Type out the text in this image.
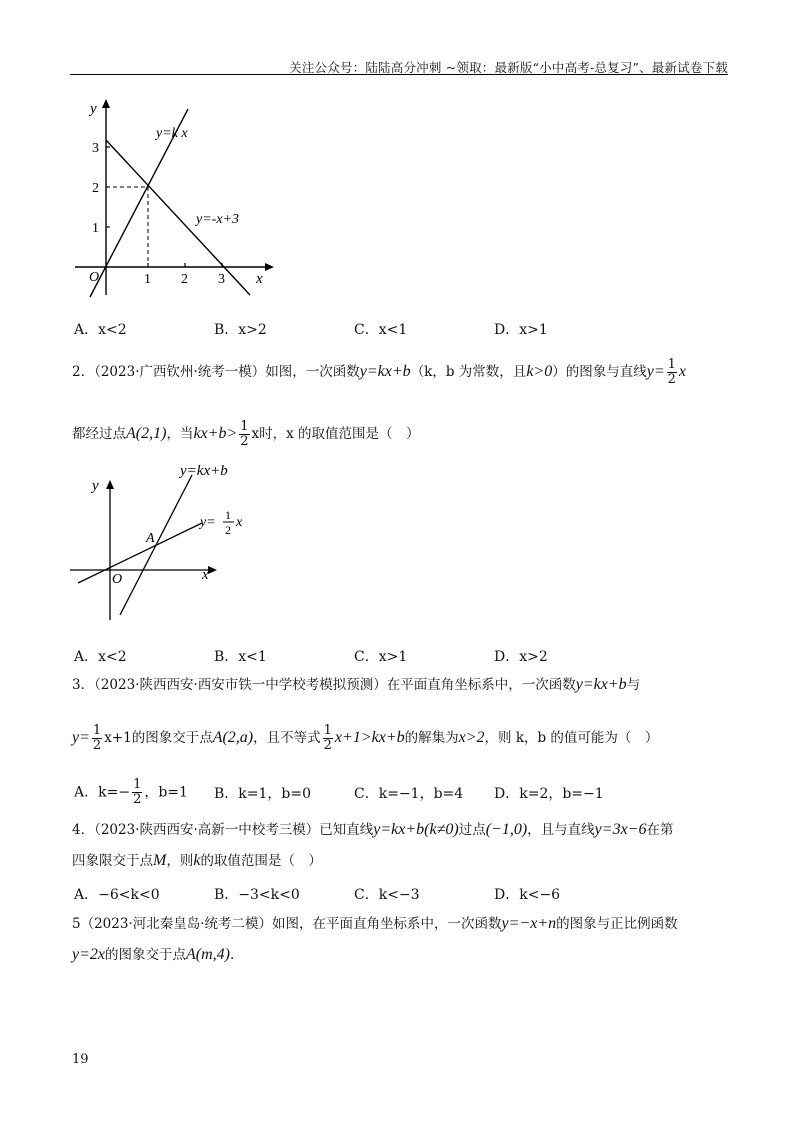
关注公众号：陆陆高分冲刺 ~领取：最新版“小中高考-总复习”、最新试卷下载
y
x
O
3
2
1
1 2 3
y=k x
y=-x+3
A．x<2	B．x>2	C．x<1	D．x>1
2．（2023·广西钦州·统考一模）如图，一次函数y=kx+b（k，b 为常数，且k>0）的图象与直线$y= \frac{1}{2}$ x
都经过点A(2,1)，当$kx+b> \frac{1}{2}$ x时，x 的取值范围是（　）
y=kx+b
y= 1
2 x
y
x
O
A
A．x<2	B．x<1	C．x>1	D．x>2
3．（2023·陕西西安·西安市铁一中学校考模拟预测）在平面直角坐标系中，一次函数y=kx+b与
$y= \frac{1}{2} x+1$的图象交于点A(2,a)，且不等式 $\frac{1}{2} x+1>kx+b$的解集为x>2，则 k，b 的值可能为（　）
A．$k=- \frac{1}{2}$ ，b=1	B．k=1，b=0	C．k=−1，b=4	D．k=2，b=−1
4．（2023·陕西西安·高新一中校考三模）已知直线y=kx+b(k≠0)过点(−1,0)，且与直线y=3x−6在第
四象限交于点M，则k的取值范围是（　）
A．−6<k<0	B．−3<k<0	C．k<−3	D．k<−6
5（2023·河北秦皇岛·统考二模）如图，在平面直角坐标系中，一次函数y=−x+n的图象与正比例函数
y=2x的图象交于点A(m,4).
19
